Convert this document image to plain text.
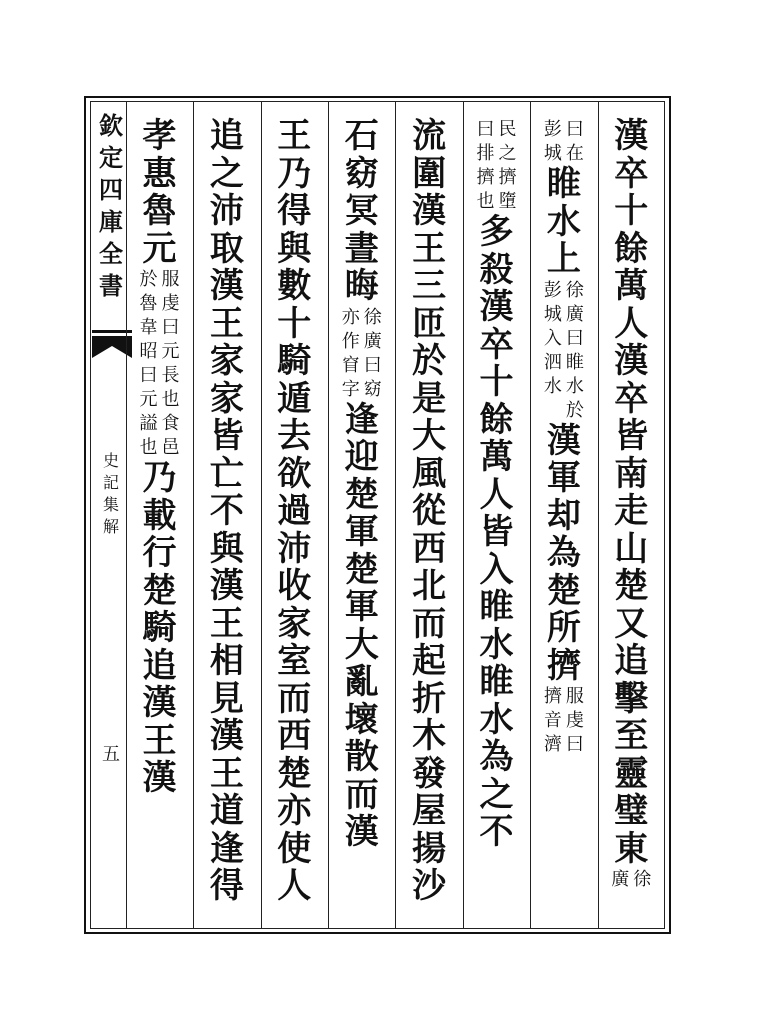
欽
定
四
庫
全
書
史
記
集
解
五
漢
卒
十
餘
萬
人
漢
卒
皆
南
走
山
楚
又
追
擊
至
靈
璧
東
徐
廣
曰
在
彭
城
睢
水
上
徐
廣
曰
睢
水
於
彭
城
入
泗
水
漢
軍
却
為
楚
所
擠
服
虔
曰
擠
音
濟
民
之
擠
墮
曰
排
擠
也
多
殺
漢
卒
十
餘
萬
人
皆
入
睢
水
睢
水
為
之
不
流
圍
漢
王
三
匝
於
是
大
風
從
西
北
而
起
折
木
發
屋
揚
沙
石
窈
冥
晝
晦
徐
廣
曰
窈
亦
作
窅
字
逢
迎
楚
軍
楚
軍
大
亂
壞
散
而
漢
王
乃
得
與
數
十
騎
遁
去
欲
過
沛
收
家
室
而
西
楚
亦
使
人
追
之
沛
取
漢
王
家
家
皆
亡
不
與
漢
王
相
見
漢
王
道
逢
得
孝
惠
魯
元
服
虔
曰
元
長
也
食
邑
於
魯
韋
昭
曰
元
謚
也
乃
載
行
楚
騎
追
漢
王
漢
